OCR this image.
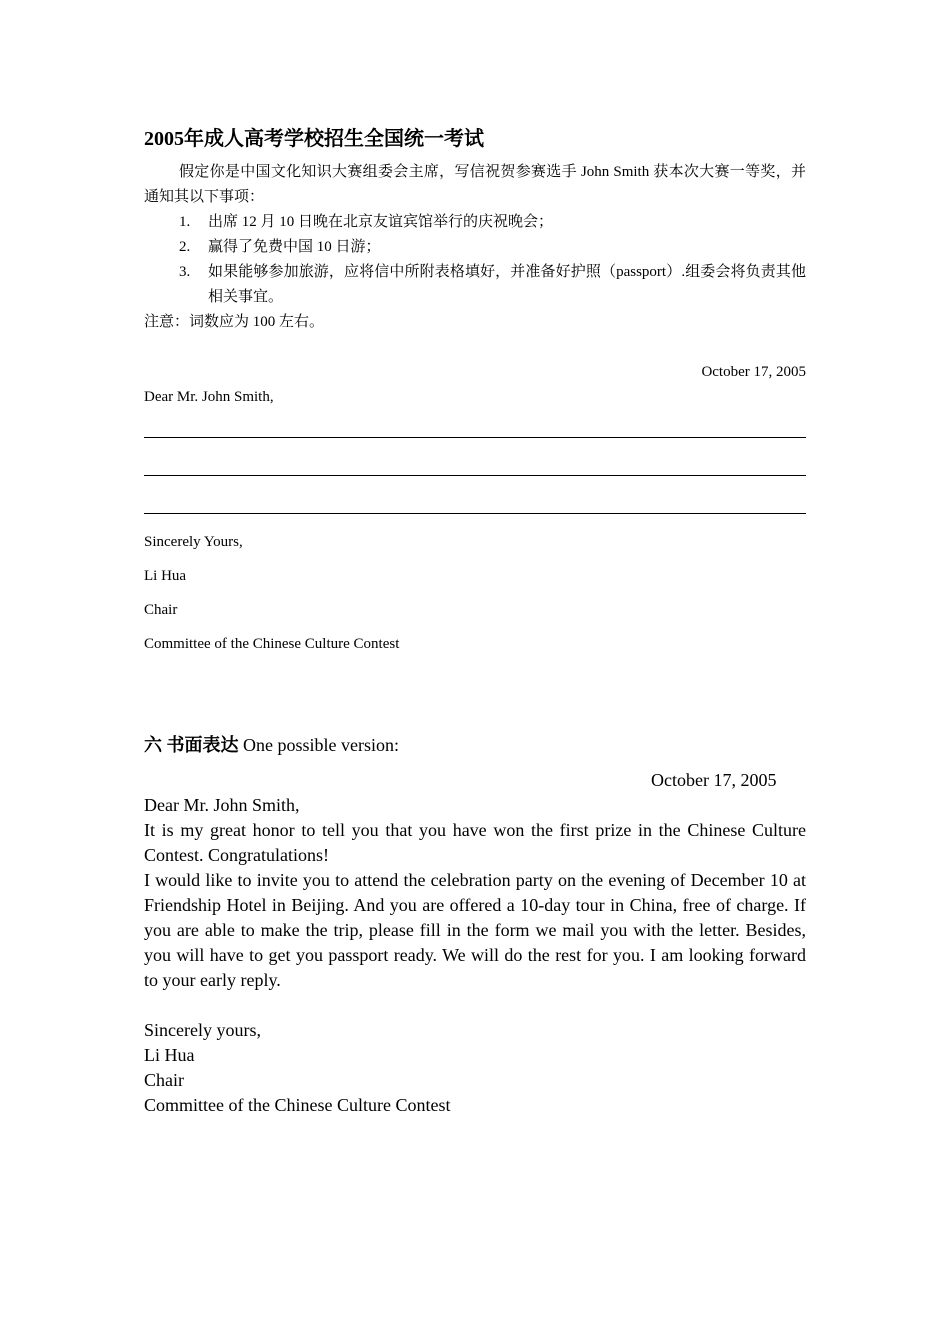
2005年成人高考学校招生全国统一考试
假定你是中国文化知识大赛组委会主席，写信祝贺参赛选手 John Smith 获本次大赛一等奖，并通知其以下事项：
1. 出席 12 月 10 日晚在北京友谊宾馆举行的庆祝晚会；
2. 赢得了免费中国 10 日游；
3. 如果能够参加旅游，应将信中所附表格填好，并准备好护照（passport）.组委会将负责其他相关事宜。
注意：词数应为 100 左右。
October 17, 2005
Dear Mr. John Smith,
Sincerely Yours,
Li Hua
Chair
Committee of the Chinese Culture Contest
六 书面表达 One possible version:
October 17, 2005

Dear Mr. John Smith,

It is my great honor to tell you that you have won the first prize in the Chinese Culture Contest. Congratulations!

I would like to invite you to attend the celebration party on the evening of December 10 at Friendship Hotel in Beijing. And you are offered a 10-day tour in China, free of charge. If you are able to make the trip, please fill in the form we mail you with the letter. Besides, you will have to get you passport ready. We will do the rest for you. I am looking forward to your early reply.

Sincerely yours,

Li Hua

Chair

Committee of the Chinese Culture Contest
